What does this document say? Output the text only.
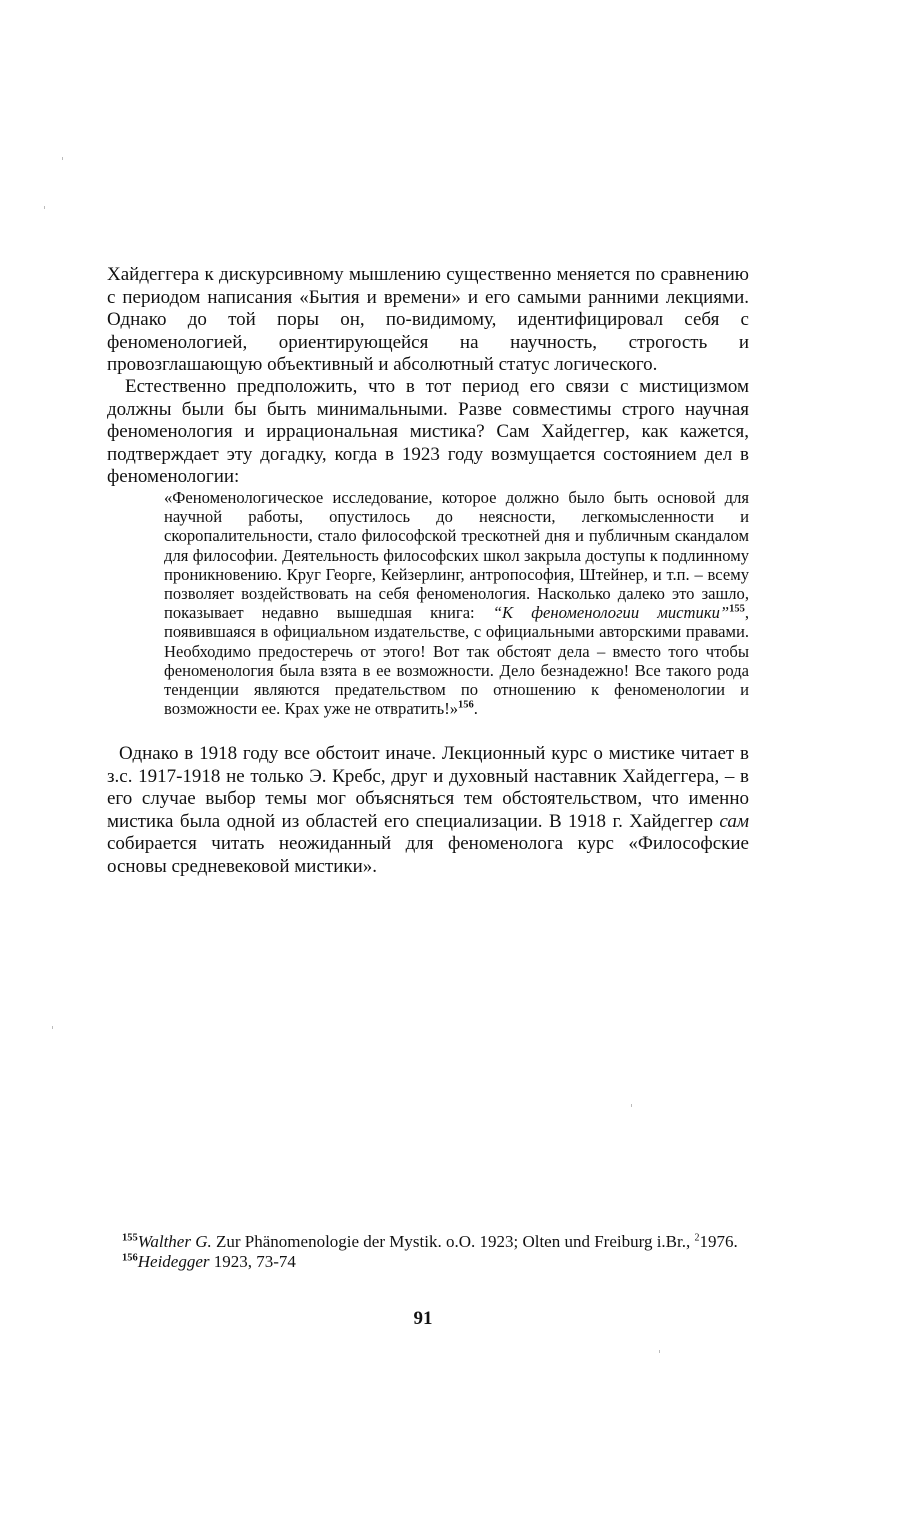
Хайдеггера к дискурсивному мышлению существенно меняется по сравнению с периодом написания «Бытия и времени» и его самыми ранними лекциями. Однако до той поры он, по-видимому, идентифицировал себя с феноменологией, ориентирующейся на научность, строгость и провозглашающую объективный и абсолютный статус логического.

Естественно предположить, что в тот период его связи с мистицизмом должны были бы быть минимальными. Разве совместимы строго научная феноменология и иррациональная мистика? Сам Хайдеггер, как кажется, подтверждает эту догадку, когда в 1923 году возмущается состоянием дел в феноменологии:

«Феноменологическое исследование, которое должно было быть основой для научной работы, опустилось до неясности, легкомысленности и скоропалительности, стало философской трескотней дня и публичным скандалом для философии. Деятельность философских школ закрыла доступы к подлинному проникновению. Круг Георге, Кейзерлинг, антропософия, Штейнер, и т.п. – всему позволяет воздействовать на себя феноменология. Насколько далеко это зашло, показывает недавно вышедшая книга: “К феноменологии мистики”$^{155}$, появившаяся в официальном издательстве, с официальными авторскими правами. Необходимо предостеречь от этого! Вот так обстоят дела – вместо того чтобы феноменология была взята в ее возможности. Дело безнадежно! Все такого рода тенденции являются предательством по отношению к феноменологии и возможности ее. Крах уже не отвратить!»$^{156}$.

Однако в 1918 году все обстоит иначе. Лекционный курс о мистике читает в з.с. 1917-1918 не только Э. Кребс, друг и духовный наставник Хайдеггера, – в его случае выбор темы мог объясняться тем обстоятельством, что именно мистика была одной из областей его специализации. В 1918 г. Хайдеггер сам собирается читать неожиданный для феноменолога курс «Философские основы средневековой мистики».

$^{155}$Walther G. Zur Phänomenologie der Mystik. o.O. 1923; Olten und Freiburg i.Br., $^2$1976.

$^{156}$Heidegger 1923, 73-74

91
